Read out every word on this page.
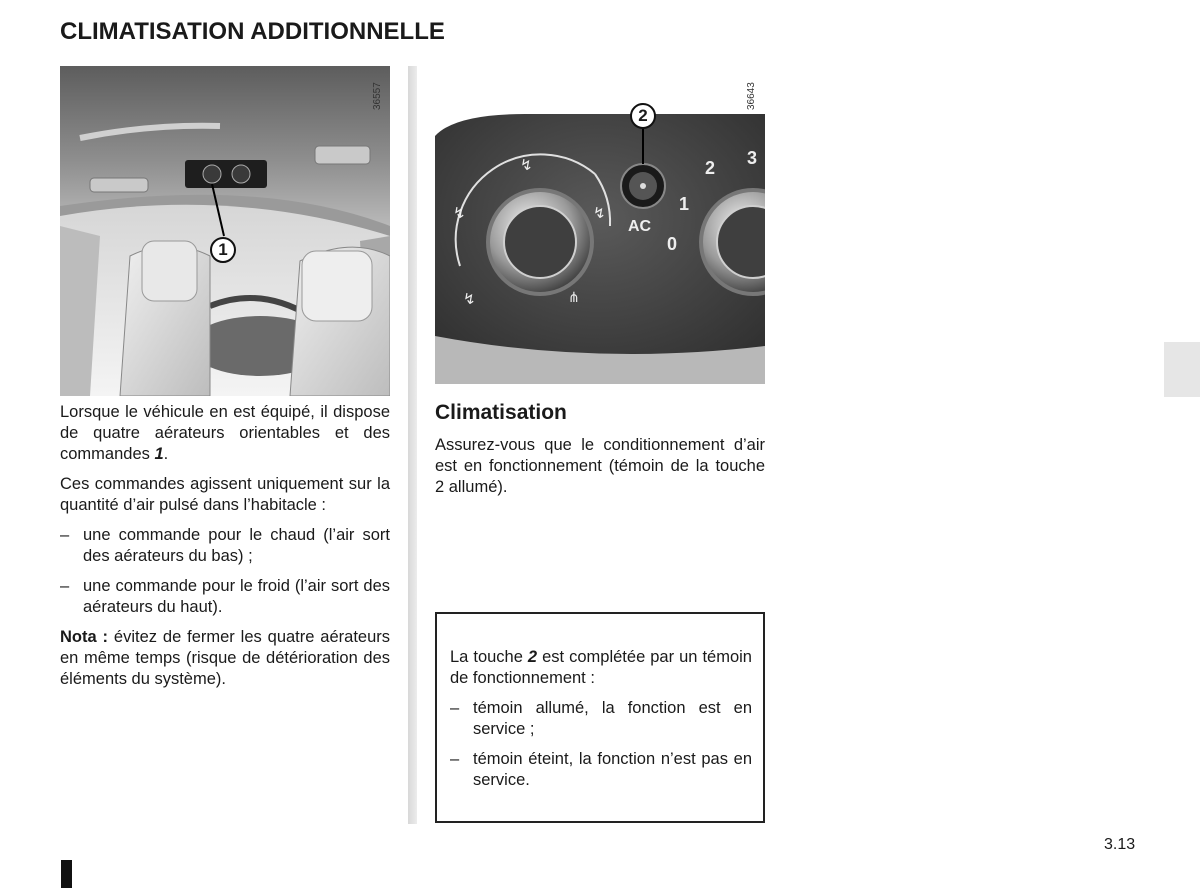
CLIMATISATION ADDITIONNELLE
1
36557
↯
↯
↯
↯	⋔
2
AC
0
1
2 3
36643

Lorsque le véhicule en est équipé, il dispose de quatre aérateurs orientables et des commandes 1.

Ces commandes agissent uniquement sur la quantité d’air pulsé dans l’habitacle :

– une commande pour le chaud (l’air sort des aérateurs du bas) ;
– une commande pour le froid (l’air sort des aérateurs du haut).

Nota : évitez de fermer les quatre aérateurs en même temps (risque de détérioration des éléments du système).

Climatisation
Assurez-vous que le conditionnement d’air est en fonctionnement (témoin de la touche 2 allumé).

La touche 2 est complétée par un témoin de fonctionnement :

– témoin allumé, la fonction est en service ;
– témoin éteint, la fonction n’est pas en service.
3.13
